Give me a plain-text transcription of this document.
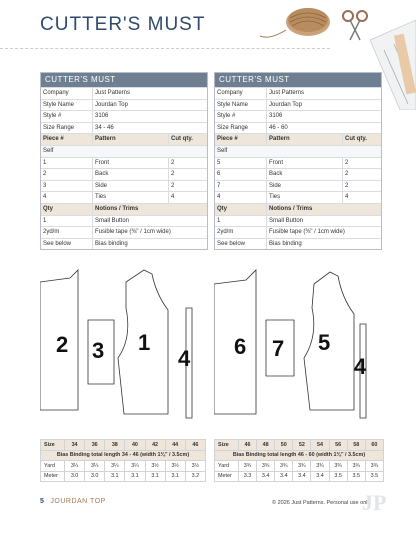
CUTTER'S MUST
CUTTER'S MUST
Company	Just Patterns
Style Name	Jourdan Top
Style #	3106
Size Range	34 - 46
Piece #	Pattern	Cut qty.
Self
1	Front	2
2	Back	2
3	Side	2
4	Ties	4
Qty	Notions / Trims
1	Small Button
2yd/m	Fusible tape (⅜" / 1cm wide)
See below	Bias binding
CUTTER'S MUST
Company	Just Patterns
Style Name	Jourdan Top
Style #	3106
Size Range	46 - 60
Piece #	Pattern	Cut qty.
Self
5	Front	2
6	Back	2
7	Side	2
4	Ties	4
Qty	Notions / Trims
1	Small Button
2yd/m	Fusible tape (⅜" / 1cm wide)
See below	Bias binding
2 3 1
4 6 7 5
4
Size	34	36	38	40	42	44	46
Bias Binding total length 34 - 46 (width 1⅜" / 3.5cm)							
Yard	3¼	3¼	3¼	3¼	3½	3½	3½
Meter	3.0	3.0	3.1	3.1	3.1	3.1	3.2
Size	46	48	50	52	54	56	58	60
Bias Binding total length 46 - 60 (width 1⅜" / 3.5cm)								
Yard	3¾	3¾	3¾	3¾	3¾	3¾	3¾	3¾
Meter	3.3	3.4	3.4	3.4	3.4	3.5	3.5	3.5
5 JOURDAN TOP	© 2026 Just Patterns. Personal use only.
JP
